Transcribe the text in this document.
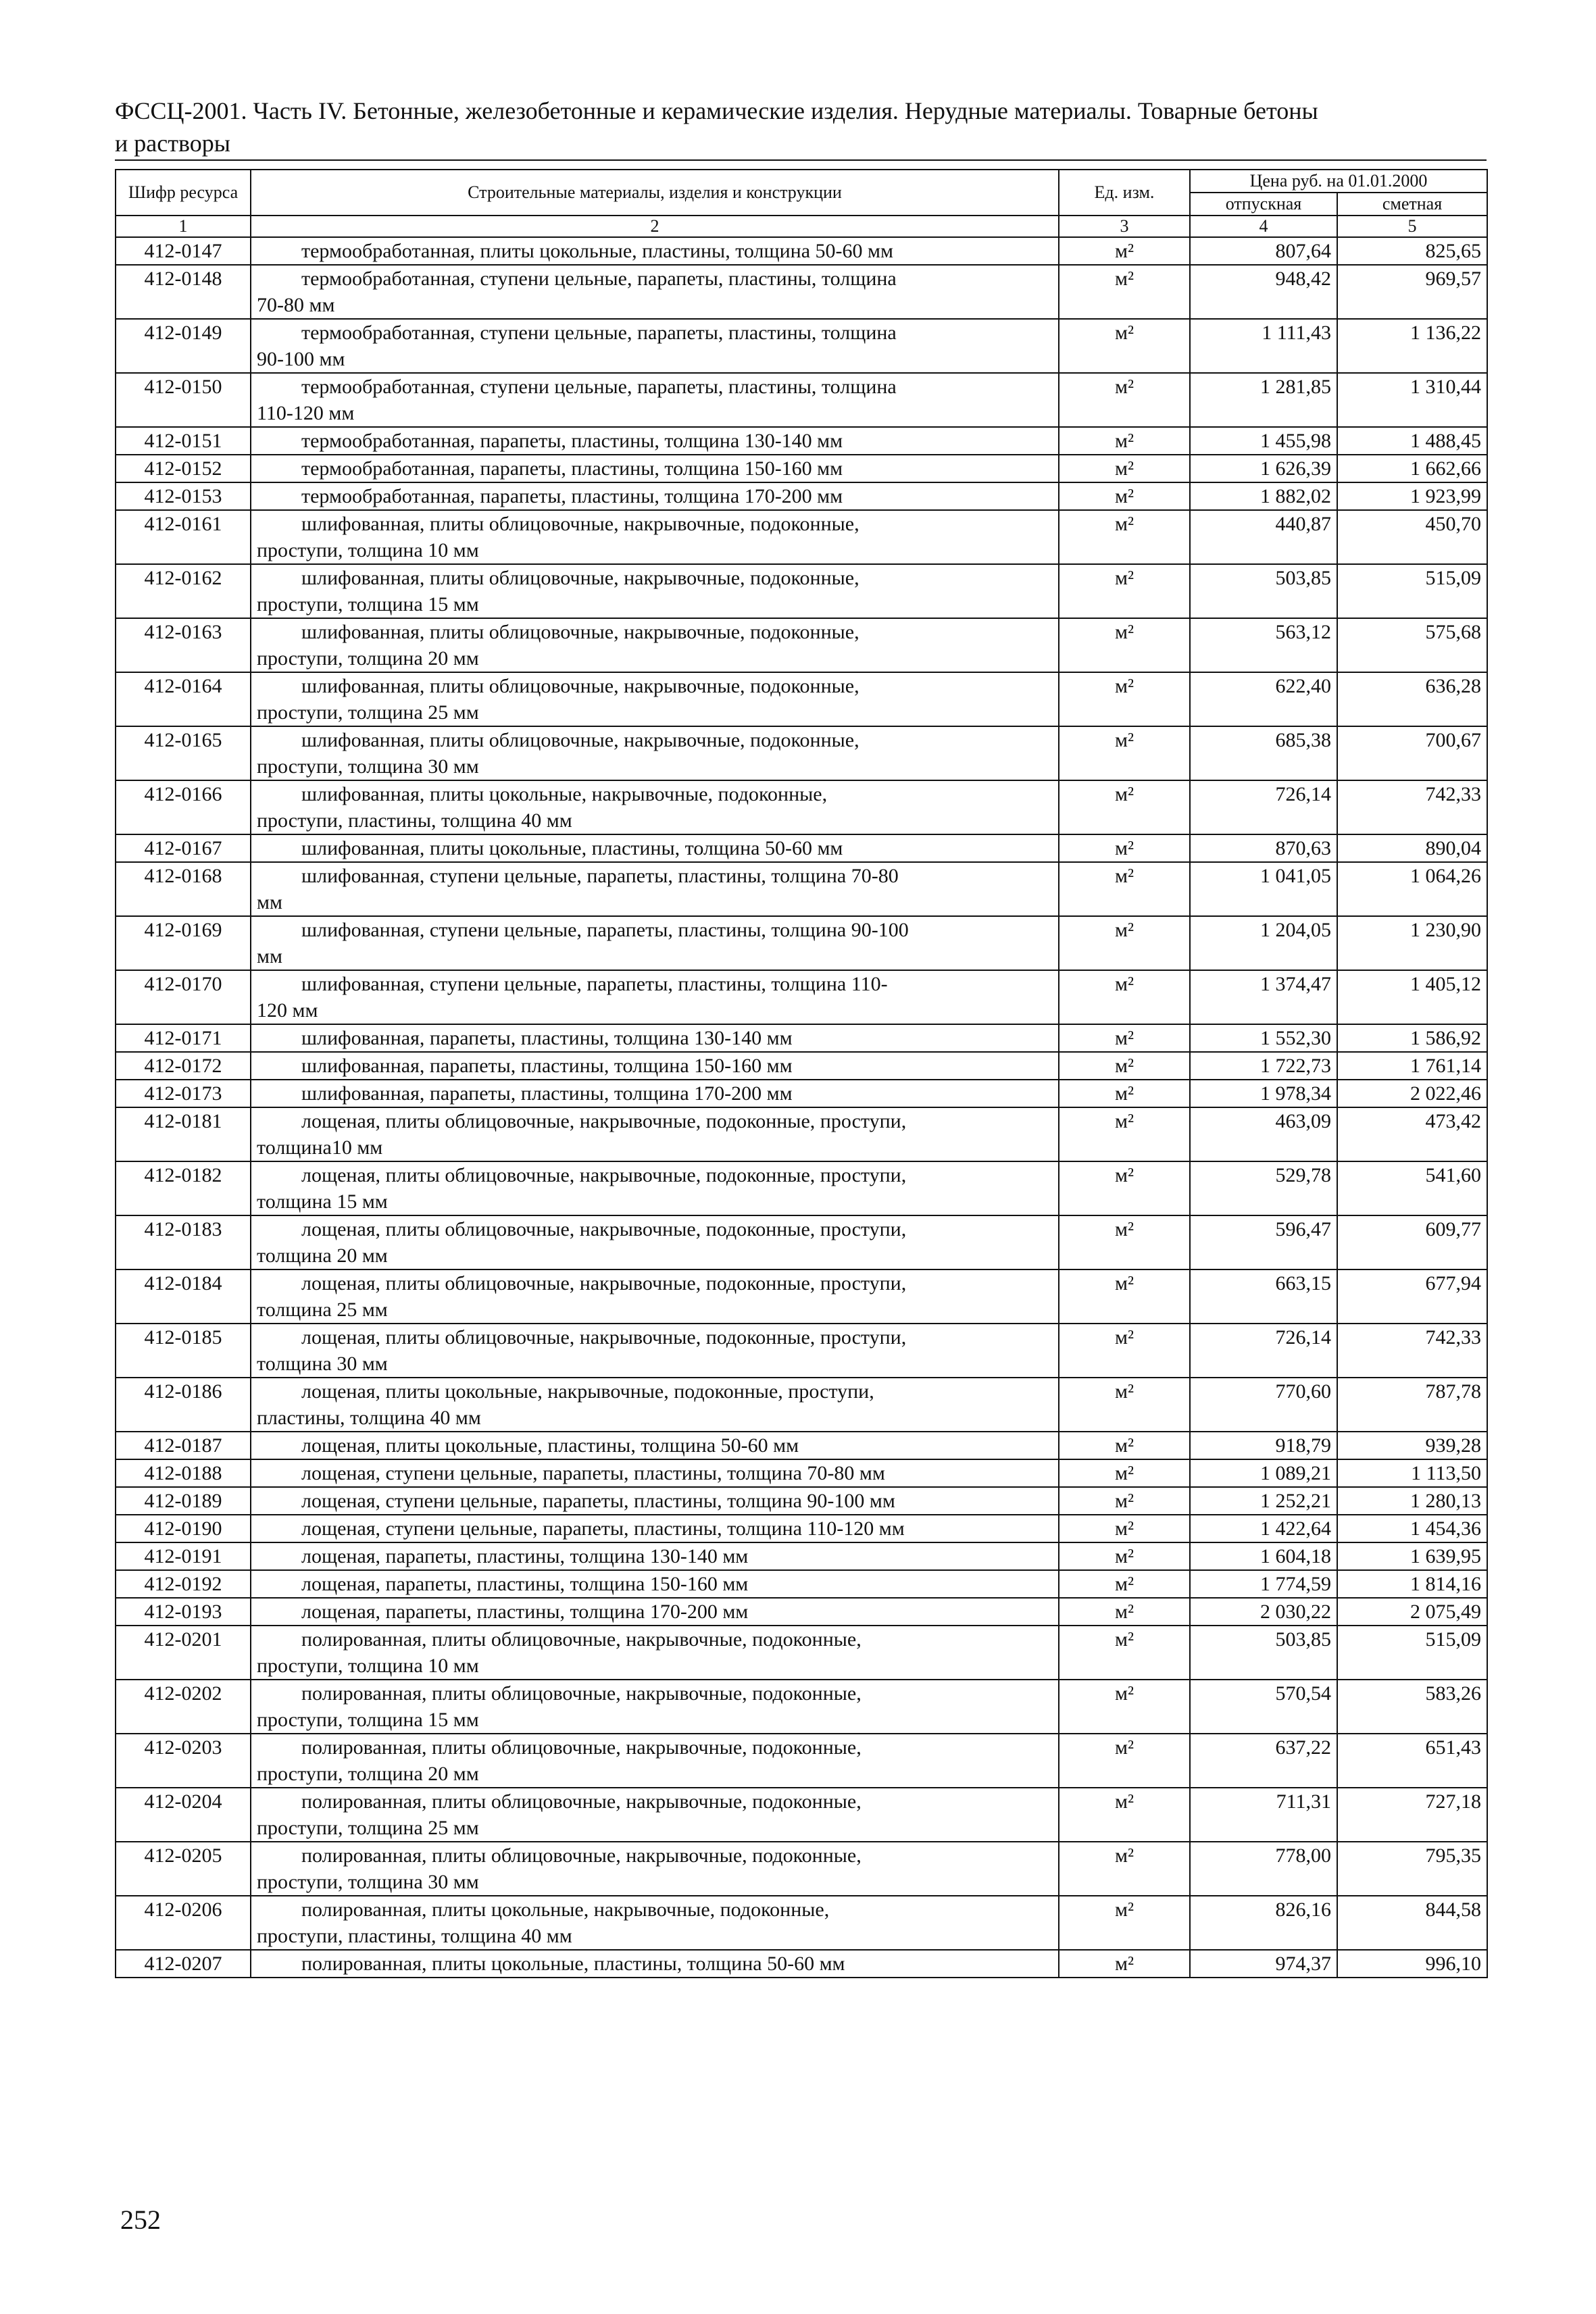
ФССЦ-2001. Часть IV. Бетонные, железобетонные и керамические изделия. Нерудные материалы. Товарные бетоны
и растворы
Шифр ресурса	Строительные материалы, изделия и конструкции	Ед. изм.	Цена руб. на 01.01.2000	
			отпускная	сметная
1	2	3	4	5
412-0147	термообработанная, плиты цокольные, пластины, толщина 50-60 мм	м²	807,64	825,65
412-0148	термообработанная, ступени цельные, парапеты, пластины, толщина
70-80 мм	м²	948,42	969,57
412-0149	термообработанная, ступени цельные, парапеты, пластины, толщина
90-100 мм	м²	1 111,43	1 136,22
412-0150	термообработанная, ступени цельные, парапеты, пластины, толщина
110-120 мм	м²	1 281,85	1 310,44
412-0151	термообработанная, парапеты, пластины, толщина 130-140 мм	м²	1 455,98	1 488,45
412-0152	термообработанная, парапеты, пластины, толщина 150-160 мм	м²	1 626,39	1 662,66
412-0153	термообработанная, парапеты, пластины, толщина 170-200 мм	м²	1 882,02	1 923,99
412-0161	шлифованная, плиты облицовочные, накрывочные, подоконные,
проступи, толщина 10 мм	м²	440,87	450,70
412-0162	шлифованная, плиты облицовочные, накрывочные, подоконные,
проступи, толщина 15 мм	м²	503,85	515,09
412-0163	шлифованная, плиты облицовочные, накрывочные, подоконные,
проступи, толщина 20 мм	м²	563,12	575,68
412-0164	шлифованная, плиты облицовочные, накрывочные, подоконные,
проступи, толщина 25 мм	м²	622,40	636,28
412-0165	шлифованная, плиты облицовочные, накрывочные, подоконные,
проступи, толщина 30 мм	м²	685,38	700,67
412-0166	шлифованная, плиты цокольные, накрывочные, подоконные,
проступи, пластины, толщина 40 мм	м²	726,14	742,33
412-0167	шлифованная, плиты цокольные, пластины, толщина 50-60 мм	м²	870,63	890,04
412-0168	шлифованная, ступени цельные, парапеты, пластины, толщина 70-80
мм	м²	1 041,05	1 064,26
412-0169	шлифованная, ступени цельные, парапеты, пластины, толщина 90-100
мм	м²	1 204,05	1 230,90
412-0170	шлифованная, ступени цельные, парапеты, пластины, толщина 110-
120 мм	м²	1 374,47	1 405,12
412-0171	шлифованная, парапеты, пластины, толщина 130-140 мм	м²	1 552,30	1 586,92
412-0172	шлифованная, парапеты, пластины, толщина 150-160 мм	м²	1 722,73	1 761,14
412-0173	шлифованная, парапеты, пластины, толщина 170-200 мм	м²	1 978,34	2 022,46
412-0181	лощеная, плиты облицовочные, накрывочные, подоконные, проступи,
толщина10 мм	м²	463,09	473,42
412-0182	лощеная, плиты облицовочные, накрывочные, подоконные, проступи,
толщина 15 мм	м²	529,78	541,60
412-0183	лощеная, плиты облицовочные, накрывочные, подоконные, проступи,
толщина 20 мм	м²	596,47	609,77
412-0184	лощеная, плиты облицовочные, накрывочные, подоконные, проступи,
толщина 25 мм	м²	663,15	677,94
412-0185	лощеная, плиты облицовочные, накрывочные, подоконные, проступи,
толщина 30 мм	м²	726,14	742,33
412-0186	лощеная, плиты цокольные, накрывочные, подоконные, проступи,
пластины, толщина 40 мм	м²	770,60	787,78
412-0187	лощеная, плиты цокольные, пластины, толщина 50-60 мм	м²	918,79	939,28
412-0188	лощеная, ступени цельные, парапеты, пластины, толщина 70-80 мм	м²	1 089,21	1 113,50
412-0189	лощеная, ступени цельные, парапеты, пластины, толщина 90-100 мм	м²	1 252,21	1 280,13
412-0190	лощеная, ступени цельные, парапеты, пластины, толщина 110-120 мм	м²	1 422,64	1 454,36
412-0191	лощеная, парапеты, пластины, толщина 130-140 мм	м²	1 604,18	1 639,95
412-0192	лощеная, парапеты, пластины, толщина 150-160 мм	м²	1 774,59	1 814,16
412-0193	лощеная, парапеты, пластины, толщина 170-200 мм	м²	2 030,22	2 075,49
412-0201	полированная, плиты облицовочные, накрывочные, подоконные,
проступи, толщина 10 мм	м²	503,85	515,09
412-0202	полированная, плиты облицовочные, накрывочные, подоконные,
проступи, толщина 15 мм	м²	570,54	583,26
412-0203	полированная, плиты облицовочные, накрывочные, подоконные,
проступи, толщина 20 мм	м²	637,22	651,43
412-0204	полированная, плиты облицовочные, накрывочные, подоконные,
проступи, толщина 25 мм	м²	711,31	727,18
412-0205	полированная, плиты облицовочные, накрывочные, подоконные,
проступи, толщина 30 мм	м²	778,00	795,35
412-0206	полированная, плиты цокольные, накрывочные, подоконные,
проступи, пластины, толщина 40 мм	м²	826,16	844,58
412-0207	полированная, плиты цокольные, пластины, толщина 50-60 мм	м²	974,37	996,10
252
